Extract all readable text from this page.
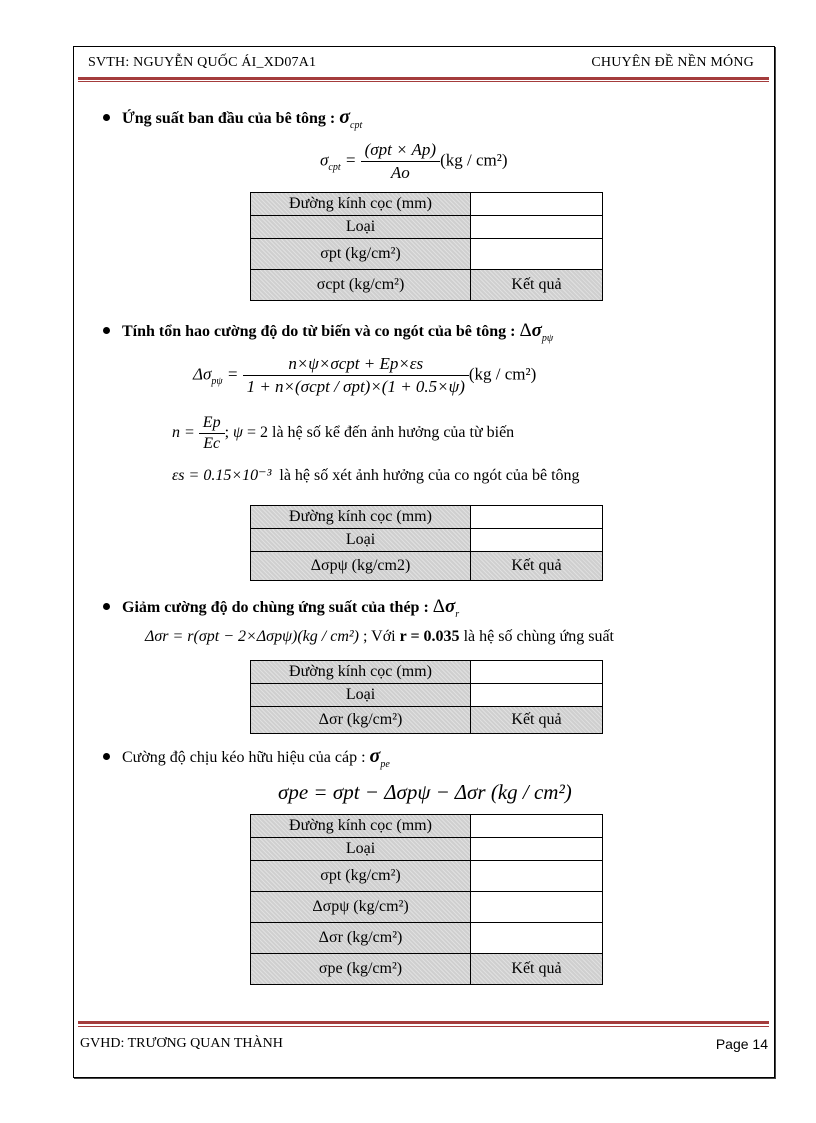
SVTH: NGUYỄN QUỐC ÁI_XD07A1	CHUYÊN ĐỀ NỀN MÓNG
Ứng suất ban đầu của bê tông : $\sigma_{cpt}$
$\sigma_{cpt} = \frac{\text{(σpt × Ap)}}{Ao} (kg / cm^2)$
Đường kính cọc (mm)	
Loại	
σpt (kg/cm²)	
σcpt (kg/cm²)	Kết quả
Tính tổn hao cường độ do từ biến và co ngót của bê tông : $\Delta\sigma_{p\psi}$
$\Delta\sigma_{p\psi} = \frac{\text{n×ψ×σcpt + Ep×εs}}{\text{1 + n×(σcpt / σpt)×(1 + 0.5×ψ)}} (kg / cm^2)$
$n = \frac{Ep}{Ec}$ ; ψ = 2 là hệ số kể đến ảnh hưởng của từ biến
εs = 0.15×10⁻³ là hệ số xét ảnh hưởng của co ngót của bê tông
Đường kính cọc (mm)	
Loại	
Δσpψ (kg/cm2)	Kết quả
Giảm cường độ do chùng ứng suất của thép : $\Delta\sigma_r$
Δσr = r(σpt − 2×Δσpψ)(kg / cm²) ; Với r = 0.035 là hệ số chùng ứng suất
Đường kính cọc (mm)	
Loại	
Δσr (kg/cm²)	Kết quả
Cường độ chịu kéo hữu hiệu của cáp : $\sigma_{pe}$
σpe = σpt − Δσpψ − Δσr (kg / cm²)
Đường kính cọc (mm)	
Loại	
σpt (kg/cm²)	
Δσpψ (kg/cm²)	
Δσr (kg/cm²)	
σpe (kg/cm²)	Kết quả
GVHD: TRƯƠNG QUAN THÀNH	Page 14
